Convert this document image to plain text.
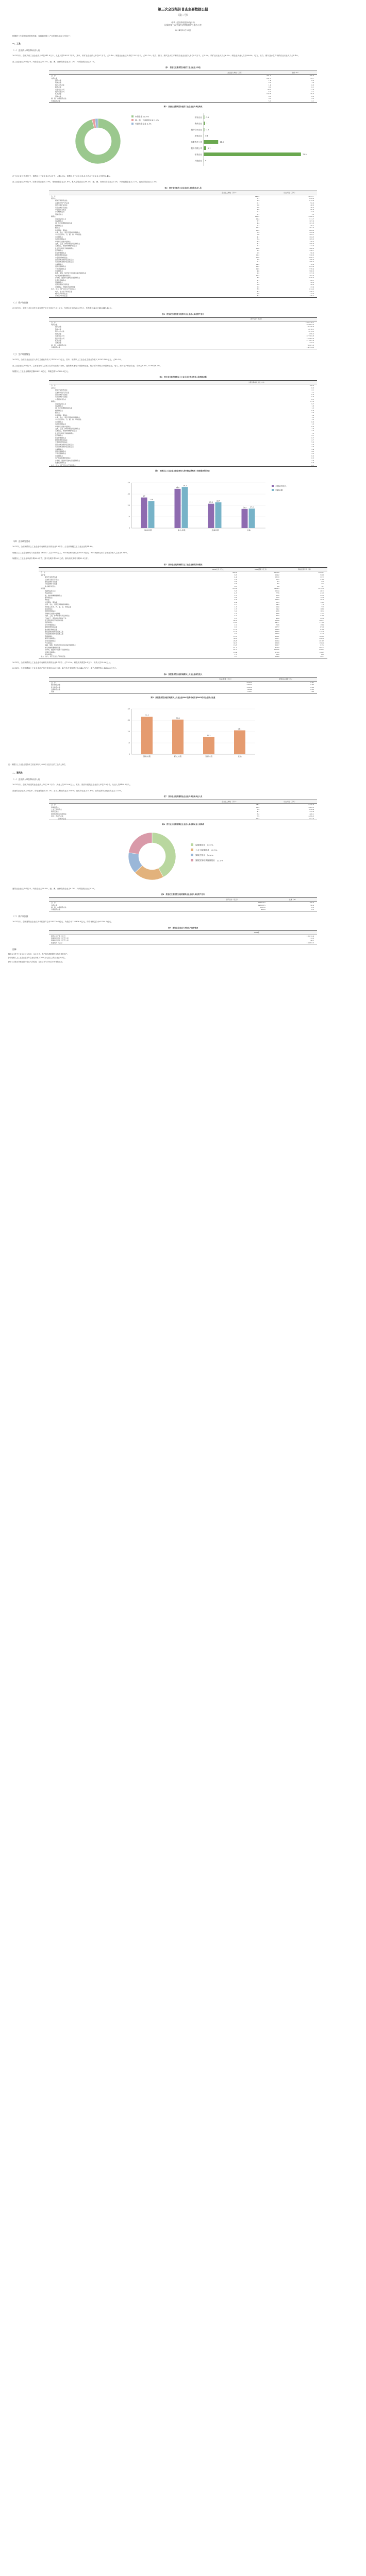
第三次全国经济普查主要数据公报
（第二号）
中华人民共和国国家统计局
国务院第三次全国经济普查领导小组办公室
2014年12月16日

根据第三次全国经济普查结果，现将我国第二产业的基本情况公布如下：

一、工业

（一）企业法人单位和从业人员

2013年末，全国共有工业企业法人单位241.9万个，从业人员14025.7万人。其中，采矿业企业法人单位8.1万个，占3.4%；制造业企业法人单位225.3万个，占93.1%；电力、热力、燃气及水生产和供应业企业法人单位8.5万个，占3.5%。采矿业从业人员占6.0%；制造业从业人员占89.6%；电力、热力、燃气及水生产和供应业从业人员占4.4%。

在工业企业法人单位中，内资企业占95.7%，港、澳、台商投资企业占2.2%，外商投资企业占2.1%。

表1　按登记注册类型分组的工业企业法人单位
	企业法人单位（万个）	比重（%）
合　计	241.9	100.0
内资企业	231.5	95.7
　国有企业	1.4	0.6
　集体企业	2.5	1.0
　股份合作企业	1.4	0.6
　联营企业	0.2	0.1
　有限责任公司	28.7	11.9
　股份有限公司	5.0	2.1
　私营企业	192.3	79.5
　其他企业	0.1	0.0
港、澳、台商投资企业	5.3	2.2
外商投资企业	5.1	2.1
图1　按登记注册类型分组的工业企业法人单位构成
内资企业 95.7%
港、澳、台商投资企业 2.2%
外商投资企业 2.1%
国有企业 0.6
集体企业 1
股份合作企业 0.6
联营企业 0.1
有限责任公司	11.9
股份有限公司	2.1
私营企业	79.5
其他企业 0

在工业企业法人单位中，规模以上工业企业37.0万个，占15.3%；规模以上工业企业从业人员占工业从业人员的70.4%。

在工业企业法人单位中，国有控股企业占1.9%，集体控股企业占1.8%，私人控股企业占89.2%，港、澳、台商控股企业占2.4%，外商控股企业占2.2%，其他控股企业占2.5%。

表2　按行业分组的工业企业法人单位和从业人员
	企业法人单位（万个）	从业人员（万人）
合　计	241.9	14025.7
采矿业	8.1	843.0
　煤炭开采和洗选业	1.4	615.8
　石油和天然气开采业	0.1	92.0
　黑色金属矿采选业	0.8	48.0
　有色金属矿采选业	0.6	40.2
　非金属矿采选业	5.0	86.8
　开采辅助活动	0.1	13.4
　其他采矿业	0.1	1.2
制造业	225.3	12568.5
　农副食品加工业	11.4	511.7
　食品制造业	5.7	267.6
　酒、饮料和精制茶制造业	4.4	201.8
　烟草制品业	0.1	20.1
　纺织业	12.4	791.0
　纺织服装、服饰业	10.3	689.6
　皮革、毛皮、羽毛及其制品和制鞋业	5.4	422.9
　木材加工和木、竹、藤、棕、草制品业	7.6	203.7
　家具制造业	4.1	204.3
　造纸和纸制品业	5.4	205.5
　印刷和记录媒介复制业	6.4	179.2
　文教、工美、体育和娱乐用品制造业	5.1	285.6
　石油加工、炼焦和核燃料加工业	1.1	114.5
　化学原料和化学制品制造业	10.6	586.8
　医药制造业	1.5	236.7
　化学纤维制造业	0.5	50.6
　橡胶和塑料制品业	11.3	528.6
　非金属矿物制品业	20.9	1059.1
　黑色金属冶炼和压延加工业	1.8	456.4
　有色金属冶炼和压延加工业	2.1	269.4
　金属制品业	19.5	778.9
　通用设备制造业	21.3	853.9
　专用设备制造业	12.5	576.4
　汽车制造业	4.6	508.0
　铁路、船舶、航空航天和其他运输设备制造业	2.2	227.8
　电气机械和器材制造业	10.3	767.4
　计算机、通信和其他电子设备制造业	4.5	1038.3
　仪器仪表制造业	2.1	142.1
　其他制造业	1.7	56.6
　废弃资源综合利用业	0.9	28.6
　金属制品、机械和设备修理业	1.2	33.4
电力、热力、燃气及水生产和供应业	8.5	614.2
　电力、热力生产和供应业	4.4	430.1
　燃气生产和供应业	0.8	44.0
　水的生产和供应业	3.3	140.1

（二）资产和负债

2013年末，全国工业企业法人单位资产总计1053710.1亿元，负债合计608264.7亿元，所有者权益合计445445.4亿元。

表3　按登记注册类型分组的工业企业法人单位资产总计
	资产总计（亿元）
合　计	1053710.1
内资企业	823694.3
　国有企业	65478.6
　集体企业	8216.1
　股份合作企业	3212.5
　联营企业	859.2
　有限责任公司	371584.8
　股份有限公司	161902.0
　私营企业	211997.4
　其他企业	443.7
港、澳、台商投资企业	93281.0
外商投资企业	136734.8

（三）生产经营情况

2013年，全国工业企业法人单位主营业务收入1152434.1亿元。其中，规模以上工业企业主营业务收入1029149.8亿元，占89.3%。

在工业企业法人单位中，主营业务收入居前三位的行业是计算机、通信和其他电子设备制造业，化学原料和化学制品制造业，电力、热力生产和供应业，分别占8.0%、6.9%和6.3%。

规模以上工业企业利润总额62831.0亿元，利税总额107960.2亿元。

表4　按行业分组的规模以上工业企业主营业务收入和利润总额
	主营业务收入占比（%）
合　计	100.0
采矿业	6.3
　煤炭开采和洗选业	3.1
　石油和天然气开采业	1.1
　黑色金属矿采选业	0.9
　有色金属矿采选业	0.6
　非金属矿采选业	0.5
制造业	87.6
　农副食品加工业	5.7
　食品制造业	1.8
　酒、饮料和精制茶制造业	1.5
　烟草制品业	0.8
　纺织业	3.6
　纺织服装、服饰业	1.9
　皮革、毛皮、羽毛及其制品和制鞋业	1.2
　木材加工和木、竹、藤、棕、草制品业	1.2
　家具制造业	0.6
　造纸和纸制品业	1.3
　印刷和记录媒介复制业	0.6
　文教、工美、体育和娱乐用品制造业	1.4
　石油加工、炼焦和核燃料加工业	4.0
　化学原料和化学制品制造业	7.3
　医药制造业	2.1
　化学纤维制造业	0.7
　橡胶和塑料制品业	2.7
　非金属矿物制品业	5.0
　黑色金属冶炼和压延加工业	7.4
　有色金属冶炼和压延加工业	4.6
　金属制品业	3.4
　通用设备制造业	4.2
　专用设备制造业	3.2
　汽车制造业	6.0
　电气机械和器材制造业	6.3
　计算机、通信和其他电子设备制造业	7.9
　仪器仪表制造业	0.8
电力、热力、燃气及水生产和供应业	6.1
图2　规模以上工业企业主营业务收入和利润总额构成（按控股类型分组）
0
10
20
30
40
国有控股
27
23.8
私人控股
34.6
36.3
外商控股
21.5
22.7
其他
16.9 17.2
主营业务收入
利润总额

（四）企业研发活动

2013年，全国规模以上工业企业中有研发活动的企业5.5万个，占全部规模以上工业企业的14.8%。

规模以上工业企业研究与试验发展（R&D）人员393.9万人，R&D经费内部支出8318.4亿元，R&D经费支出与主营业务收入之比为0.81%。

规模以上工业企业申请专利56.0万件，其中发明专利20.5万件。拥有有效发明专利33.5万件。

表5　按行业分组的规模以上工业企业研发活动情况
	R&D人员（万人）	R&D经费（亿元）	有效发明专利（件）
合　计	393.9	8318.4	335401
采矿业	8.3	229.2	5208
　煤炭开采和洗选业	4.4	131.0	2213
　石油和天然气开采业	2.6	77.7	2190
　黑色金属矿采选业	0.5	8.2	245
　有色金属矿采选业	0.4	8.4	373
　非金属矿采选业	0.3	3.4	187
制造业	379.9	7959.3	327236
　农副食品加工业	5.6	151.4	4813
　食品制造业	4.3	77.6	4129
　酒、饮料和精制茶制造业	3.1	62.9	2340
　烟草制品业	0.5	22.0	1376
　纺织业	8.3	136.3	4519
　纺织服装、服饰业	4.4	58.3	1584
　皮革、毛皮、羽毛及其制品和制鞋业	2.7	34.5	770
　木材加工和木、竹、藤、棕、草制品业	1.3	26.0	775
　家具制造业	1.6	24.2	1060
　造纸和纸制品业	3.2	95.8	1834
　印刷和记录媒介复制业	1.9	34.8	1143
　文教、工美、体育和娱乐用品制造业	3.1	47.3	2159
　石油加工、炼焦和核燃料加工业	2.5	98.9	2238
　化学原料和化学制品制造业	24.2	600.4	24931
　医药制造业	16.0	347.7	17796
　化学纤维制造业	2.1	72.6	1560
　橡胶和塑料制品业	9.1	187.7	6728
　非金属矿物制品业	12.5	238.0	9106
　黑色金属冶炼和压延加工业	12.5	633.9	11218
　有色金属冶炼和压延加工业	7.0	287.0	7115
　金属制品业	12.0	226.1	10264
　通用设备制造业	30.2	563.7	23830
　专用设备制造业	26.8	526.4	25165
　汽车制造业	32.6	680.8	15020
　铁路、船舶、航空航天和其他运输设备制造业	16.8	363.7	9154
　电气机械和器材制造业	41.1	815.4	40217
　计算机、通信和其他电子设备制造业	63.1	1252.5	83604
　仪器仪表制造业	10.4	175.6	12005
　其他制造业	1.3	20.6	809
电力、热力、燃气及水生产和供应业	5.7	129.9	2957

2013年，全国规模以上工业企业中有研发机构的企业4.7万个，占12.5%；研发机构数量6.4万个，机构人员249.6万人。

2013年，全国规模以上工业企业新产品开发项目35.9万项，新产品开发经费支出9246.7亿元，新产品销售收入128460.7亿元。

表6　按控股类型分组的规模以上工业企业研发投入
	R&D经费（亿元）	研发投入强度（%）
合　计	8318.4	0.81
国有控股企业	2753.7	0.87
私人控股企业	2541.6	0.60
外商控股企业	1264.0	0.82
其他	1759.1	1.08
图3　按控股类型分组的规模以上工业企业R&D经费构成及有R&D活动企业所占比重
0
10
20
30
40
33.1
国有控股
30.6
私人控股
15.2
外商控股
21.1
其他

注：规模以上工业企业是指年主营业务收入2000万元及以上的工业法人单位。

二、建筑业

（一）企业法人单位和从业人员

2013年末，全国共有建筑业企业法人单位28.2万个，从业人员5320.6万人。其中，资质内建筑业企业法人单位7.9万个，从业人员4499.3万人。

在建筑业企业法人单位中，房屋建筑业占42.1%；土木工程建筑业占20.8%；建筑安装业占14.6%；建筑装饰和其他建筑业占22.5%。

表7　按行业分组的建筑业企业法人单位和从业人员
	企业法人单位（万个）	从业人员（万人）
合　计	28.2	5320.6
房屋建筑业	11.9	3462.2
土木工程建筑业	5.9	1049.4
建筑安装业	4.1	322.9
建筑装饰和其他建筑业	6.3	486.1
其中：资质内企业	7.9	4499.3
　　　资质外企业	20.3	821.3
图4　按行业分组的建筑业企业法人单位和从业人员构成
房屋建筑业　42.1%
土木工程建筑业　20.8%
建筑安装业　14.6%
建筑装饰和其他建筑业　22.5%

建筑业企业法人单位中，内资企业占99.6%，港、澳、台商投资企业占0.2%，外商投资企业占0.2%。

表8　按登记注册类型分组的建筑业企业法人单位资产总计
	资产总计（亿元）	比重（%）
合　计	195210.4	100.0
内资企业	193153.5	98.9
港、澳、台商投资企业	1151.0	0.6
外商投资企业	905.9	0.5

（二）资产和负债

2013年末，全国建筑业企业法人单位资产总计195210.4亿元，负债合计132906.0亿元，所有者权益合计62304.4亿元。

表9　建筑业企业法人单位生产经营情况
	2013年
建筑业总产值（亿元）	159312.9
房屋施工面积（亿平方米）	113.3
房屋竣工面积（亿平方米）	40.1
营业收入（亿元）	156803.2

注释：

[1] 本公报中工业企业法人单位、从业人员、资产和负债数据不包括个体经营户。

[2] 规模以上工业企业是指年主营业务收入2000万元及以上的工业法人单位。

[3] 本公报部分数据因四舍五入的原因，存在总计与分项合计不等的情况。
